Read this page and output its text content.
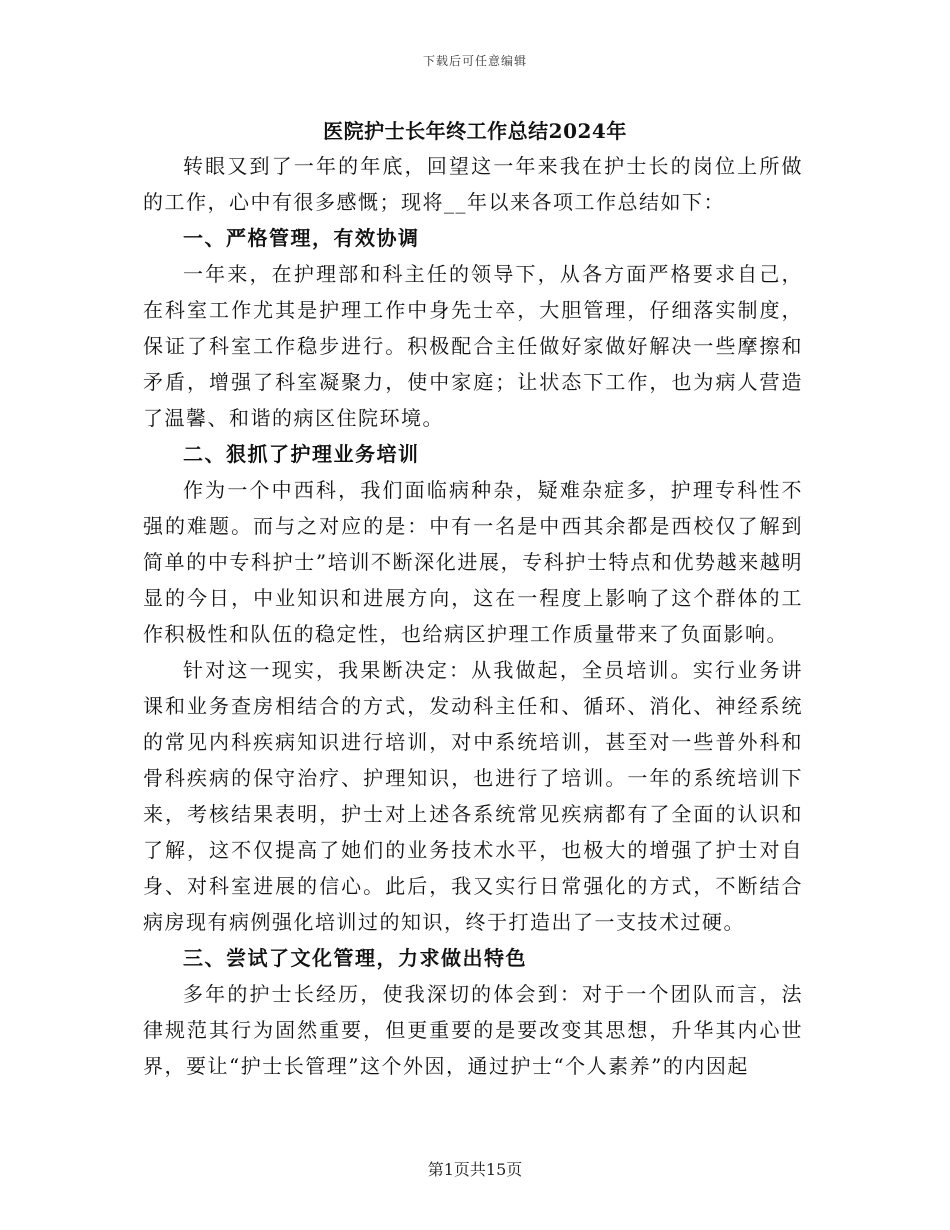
下载后可任意编辑
医院护士长年终工作总结2024年

转眼又到了一年的年底，回望这一年来我在护士长的岗位上所做的工作，心中有很多感慨；现将__年以来各项工作总结如下：

一、严格管理，有效协调

一年来，在护理部和科主任的领导下，从各方面严格要求自己，在科室工作尤其是护理工作中身先士卒，大胆管理，仔细落实制度，保证了科室工作稳步进行。积极配合主任做好家做好解决一些摩擦和矛盾，增强了科室凝聚力，使中家庭；让状态下工作，也为病人营造了温馨、和谐的病区住院环境。

二、狠抓了护理业务培训

作为一个中西科，我们面临病种杂，疑难杂症多，护理专科性不强的难题。而与之对应的是：中有一名是中西其余都是西校仅了解到简单的中专科护士”培训不断深化进展，专科护士特点和优势越来越明显的今日，中业知识和进展方向，这在一程度上影响了这个群体的工作积极性和队伍的稳定性，也给病区护理工作质量带来了负面影响。

针对这一现实，我果断决定：从我做起，全员培训。实行业务讲课和业务查房相结合的方式，发动科主任和、循环、消化、神经系统的常见内科疾病知识进行培训，对中系统培训，甚至对一些普外科和骨科疾病的保守治疗、护理知识，也进行了培训。一年的系统培训下来，考核结果表明，护士对上述各系统常见疾病都有了全面的认识和了解，这不仅提高了她们的业务技术水平，也极大的增强了护士对自身、对科室进展的信心。此后，我又实行日常强化的方式，不断结合病房现有病例强化培训过的知识，终于打造出了一支技术过硬。

三、尝试了文化管理，力求做出特色

多年的护士长经历，使我深切的体会到：对于一个团队而言，法律规范其行为固然重要，但更重要的是要改变其思想，升华其内心世界，要让“护士长管理”这个外因，通过护士“个人素养”的内因起

第1页共15页
